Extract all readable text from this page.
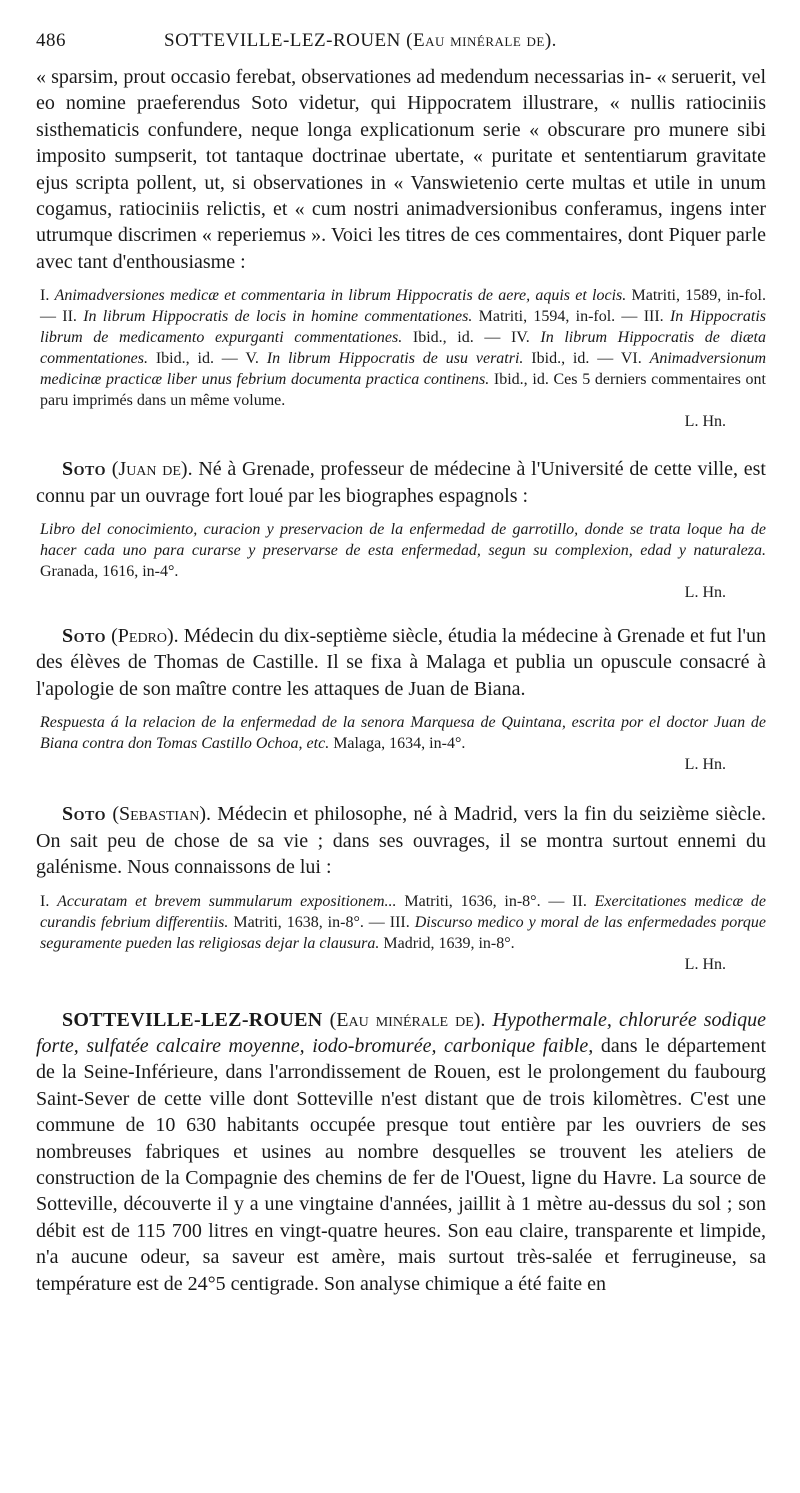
486	SOTTEVILLE-LEZ-ROUEN (Eau minérale de).

« sparsim, prout occasio ferebat, observationes ad medendum necessarias in- « seruerit, vel eo nomine praeferendus Soto videtur, qui Hippocratem illustrare, « nullis ratiociniis sisthematicis confundere, neque longa explicationum serie « obscurare pro munere sibi imposito sumpserit, tot tantaque doctrinae ubertate, « puritate et sententiarum gravitate ejus scripta pollent, ut, si observationes in « Vanswietenio certe multas et utile in unum cogamus, ratiociniis relictis, et « cum nostri animadversionibus conferamus, ingens inter utrumque discrimen « reperiemus ». Voici les titres de ces commentaires, dont Piquer parle avec tant d'enthousiasme :

I. Animadversiones medicæ et commentaria in librum Hippocratis de aere, aquis et locis. Matriti, 1589, in-fol. — II. In librum Hippocratis de locis in homine commentationes. Matriti, 1594, in-fol. — III. In Hippocratis librum de medicamento expurganti commentationes. Ibid., id. — IV. In librum Hippocratis de diæta commentationes. Ibid., id. — V. In librum Hippocratis de usu veratri. Ibid., id. — VI. Animadversionum medicinæ practicæ liber unus febrium documenta practica continens. Ibid., id. Ces 5 derniers commentaires ont paru imprimés dans un même volume.
L. Hn.

Soto (Juan de). Né à Grenade, professeur de médecine à l'Université de cette ville, est connu par un ouvrage fort loué par les biographes espagnols :

Libro del conocimiento, curacion y preservacion de la enfermedad de garrotillo, donde se trata loque ha de hacer cada uno para curarse y preservarse de esta enfermedad, segun su complexion, edad y naturaleza. Granada, 1616, in-4°.
L. Hn.

Soto (Pedro). Médecin du dix-septième siècle, étudia la médecine à Grenade et fut l'un des élèves de Thomas de Castille. Il se fixa à Malaga et publia un opuscule consacré à l'apologie de son maître contre les attaques de Juan de Biana.

Respuesta á la relacion de la enfermedad de la senora Marquesa de Quintana, escrita por el doctor Juan de Biana contra don Tomas Castillo Ochoa, etc. Malaga, 1634, in-4°.
L. Hn.

Soto (Sebastian). Médecin et philosophe, né à Madrid, vers la fin du seizième siècle. On sait peu de chose de sa vie ; dans ses ouvrages, il se montra surtout ennemi du galénisme. Nous connaissons de lui :

I. Accuratam et brevem summularum expositionem... Matriti, 1636, in-8°. — II. Exercitationes medicæ de curandis febrium differentiis. Matriti, 1638, in-8°. — III. Discurso medico y moral de las enfermedades porque seguramente pueden las religiosas dejar la clausura. Madrid, 1639, in-8°.
L. Hn.

SOTTEVILLE-LEZ-ROUEN (Eau minérale de). Hypothermale, chlorurée sodique forte, sulfatée calcaire moyenne, iodo-bromurée, carbonique faible, dans le département de la Seine-Inférieure, dans l'arrondissement de Rouen, est le prolongement du faubourg Saint-Sever de cette ville dont Sotteville n'est distant que de trois kilomètres. C'est une commune de 10 630 habitants occupée presque tout entière par les ouvriers de ses nombreuses fabriques et usines au nombre desquelles se trouvent les ateliers de construction de la Compagnie des chemins de fer de l'Ouest, ligne du Havre. La source de Sotteville, découverte il y a une vingtaine d'années, jaillit à 1 mètre au-dessus du sol ; son débit est de 115 700 litres en vingt-quatre heures. Son eau claire, transparente et limpide, n'a aucune odeur, sa saveur est amère, mais surtout très-salée et ferrugineuse, sa température est de 24°5 centigrade. Son analyse chimique a été faite en
